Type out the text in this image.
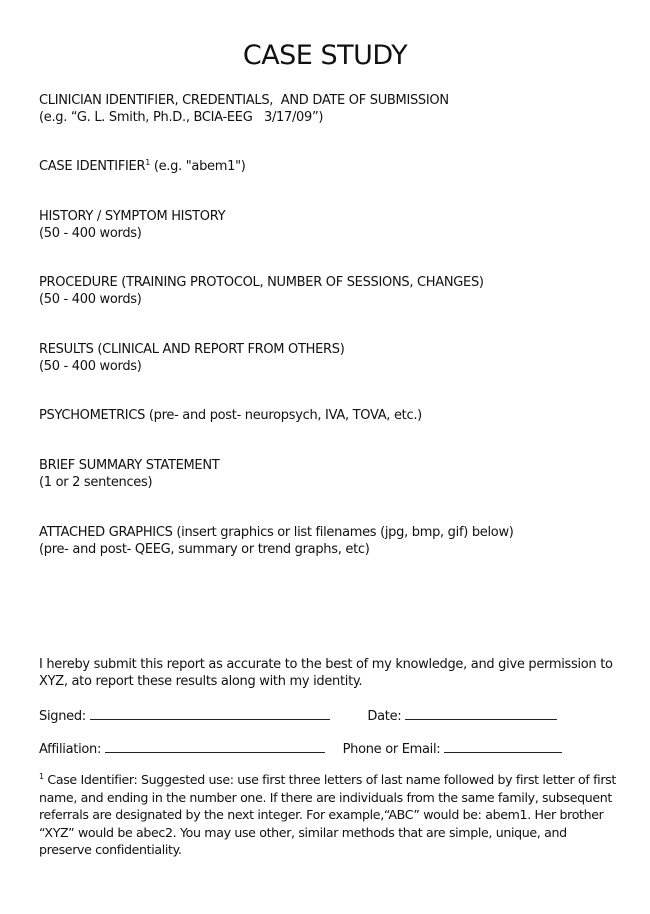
CASE STUDY
CLINICIAN IDENTIFIER, CREDENTIALS,  AND DATE OF SUBMISSION
(e.g. “G. L. Smith, Ph.D., BCIA-EEG   3/17/09”)
CASE IDENTIFIER$^1$ (e.g. "abem1")
HISTORY / SYMPTOM HISTORY
(50 - 400 words)
PROCEDURE (TRAINING PROTOCOL, NUMBER OF SESSIONS, CHANGES)
(50 - 400 words)
RESULTS (CLINICAL AND REPORT FROM OTHERS)
(50 - 400 words)
PSYCHOMETRICS (pre- and post- neuropsych, IVA, TOVA, etc.)
BRIEF SUMMARY STATEMENT
(1 or 2 sentences)
ATTACHED GRAPHICS (insert graphics or list filenames (jpg, bmp, gif) below)
(pre- and post- QEEG, summary or trend graphs, etc)
I hereby submit this report as accurate to the best of my knowledge, and give permission to XYZ, ato report these results along with my identity.
Signed:	Date:
Affiliation:	Phone or Email:
$^1$ Case Identifier: Suggested use: use first three letters of last name followed by first letter of first name, and ending in the number one. If there are individuals from the same family, subsequent referrals are designated by the next integer. For example,“ABC” would be: abem1. Her brother “XYZ” would be abec2. You may use other, similar methods that are simple, unique, and preserve confidentiality.
